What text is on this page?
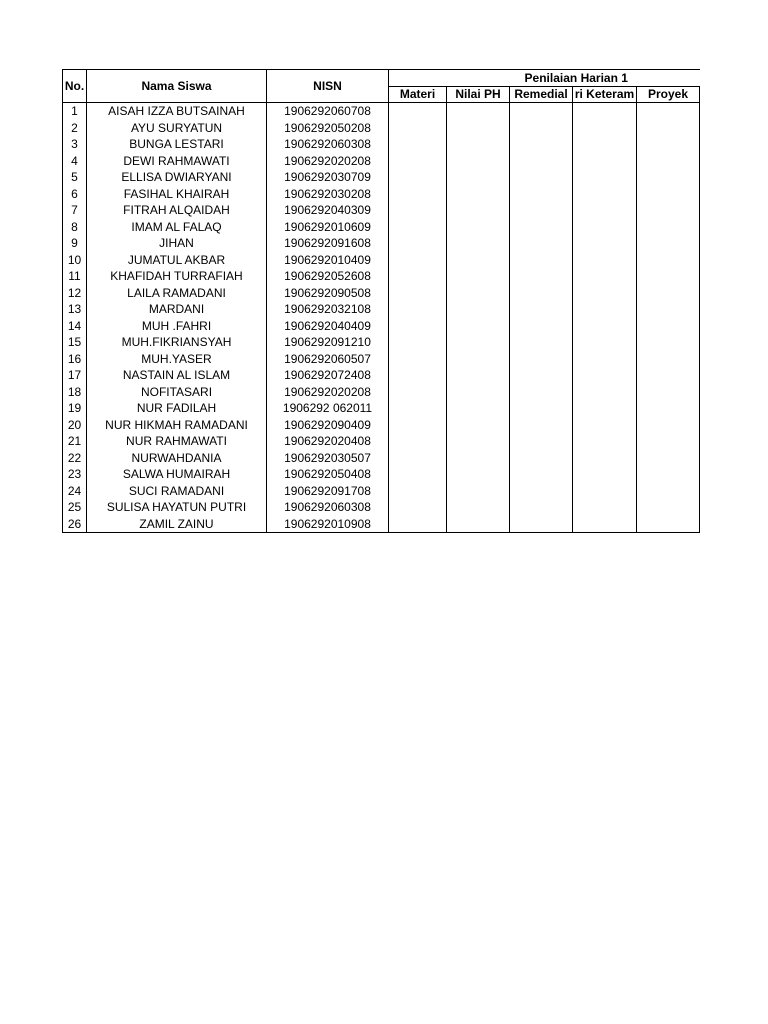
No.	Nama Siswa	NISN	Penilaian Harian 1				
			Materi	Nilai PH	Remedial	ri Keteram	Proyek
1	AISAH IZZA BUTSAINAH	1906292060708					
2	AYU SURYATUN	1906292050208					
3	BUNGA LESTARI	1906292060308					
4	DEWI RAHMAWATI	1906292020208					
5	ELLISA DWIARYANI	1906292030709					
6	FASIHAL KHAIRAH	1906292030208					
7	FITRAH ALQAIDAH	1906292040309					
8	IMAM AL FALAQ	1906292010609					
9	JIHAN	1906292091608					
10	JUMATUL AKBAR	1906292010409					
11	KHAFIDAH TURRAFIAH	1906292052608					
12	LAILA RAMADANI	1906292090508					
13	MARDANI	1906292032108					
14	MUH .FAHRI	1906292040409					
15	MUH.FIKRIANSYAH	1906292091210					
16	MUH.YASER	1906292060507					
17	NASTAIN AL ISLAM	1906292072408					
18	NOFITASARI	1906292020208					
19	NUR FADILAH	1906292 062011					
20	NUR HIKMAH RAMADANI	1906292090409					
21	NUR RAHMAWATI	1906292020408					
22	NURWAHDANIA	1906292030507					
23	SALWA HUMAIRAH	1906292050408					
24	SUCI RAMADANI	1906292091708					
25	SULISA HAYATUN PUTRI	1906292060308					
26	ZAMIL ZAINU	1906292010908					
